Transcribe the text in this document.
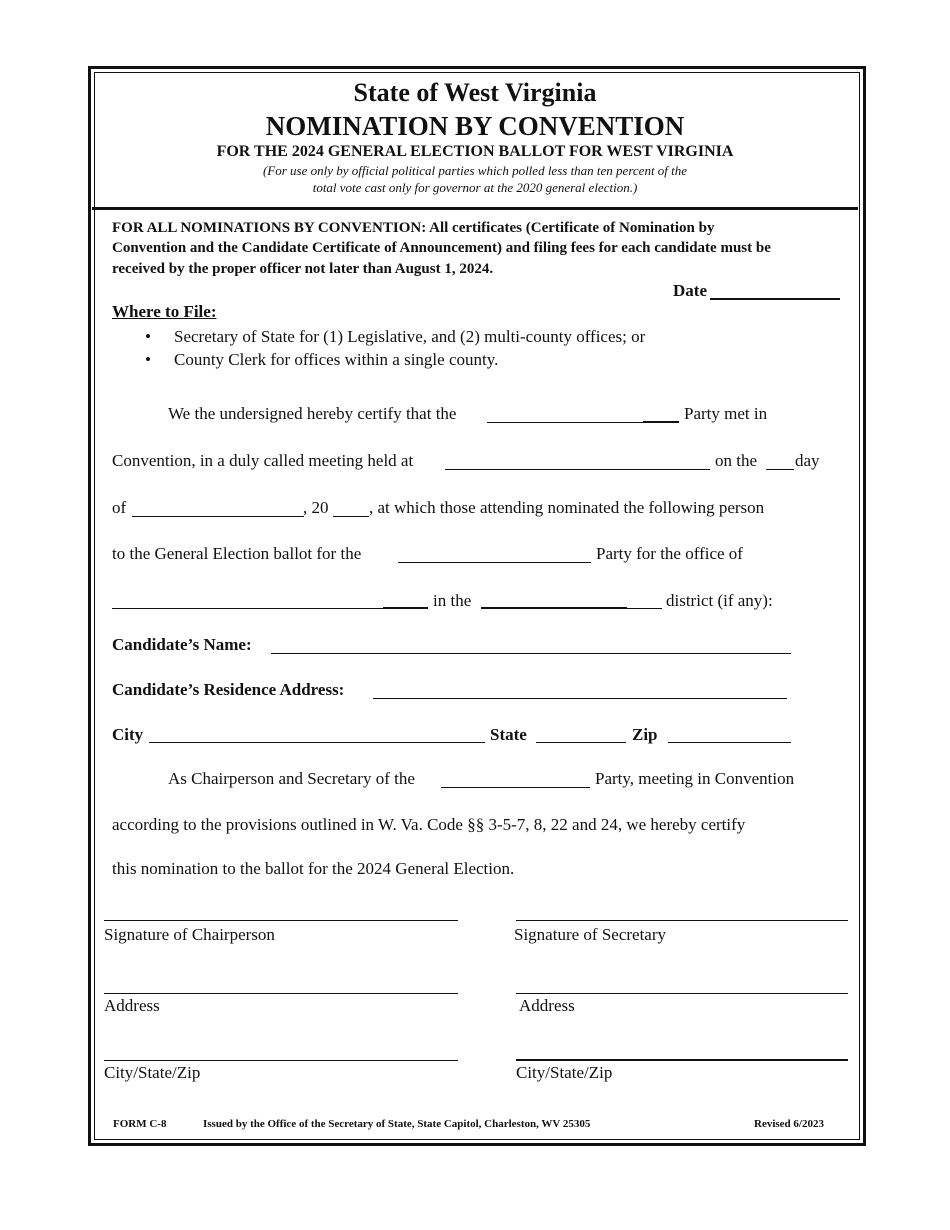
State of West Virginia
NOMINATION BY CONVENTION
FOR THE 2024 GENERAL ELECTION BALLOT FOR WEST VIRGINIA
(For use only by official political parties which polled less than ten percent of the
total vote cast only for governor at the 2020 general election.)
FOR ALL NOMINATIONS BY CONVENTION: All certificates (Certificate of Nomination by
Convention and the Candidate Certificate of Announcement) and filing fees for each candidate must be
received by the proper officer not later than August 1, 2024.
Date
Where to File:
• Secretary of State for (1) Legislative, and (2) multi-county offices; or
• County Clerk for offices within a single county.
We the undersigned hereby certify that the	Party met in
Convention, in a duly called meeting held at	on the day
of	, 20 , at which those attending nominated the following person
to the General Election ballot for the	Party for the office of
in the	district (if any):
Candidate’s Name:
Candidate’s Residence Address:
City	State	Zip
As Chairperson and Secretary of the	Party, meeting in Convention
according to the provisions outlined in W. Va. Code §§ 3-5-7, 8, 22 and 24, we hereby certify
this nomination to the ballot for the 2024 General Election.
Signature of Chairperson	Signature of Secretary
Address	Address
City/State/Zip	City/State/Zip
FORM C-8	Issued by the Office of the Secretary of State, State Capitol, Charleston, WV 25305	Revised 6/2023
